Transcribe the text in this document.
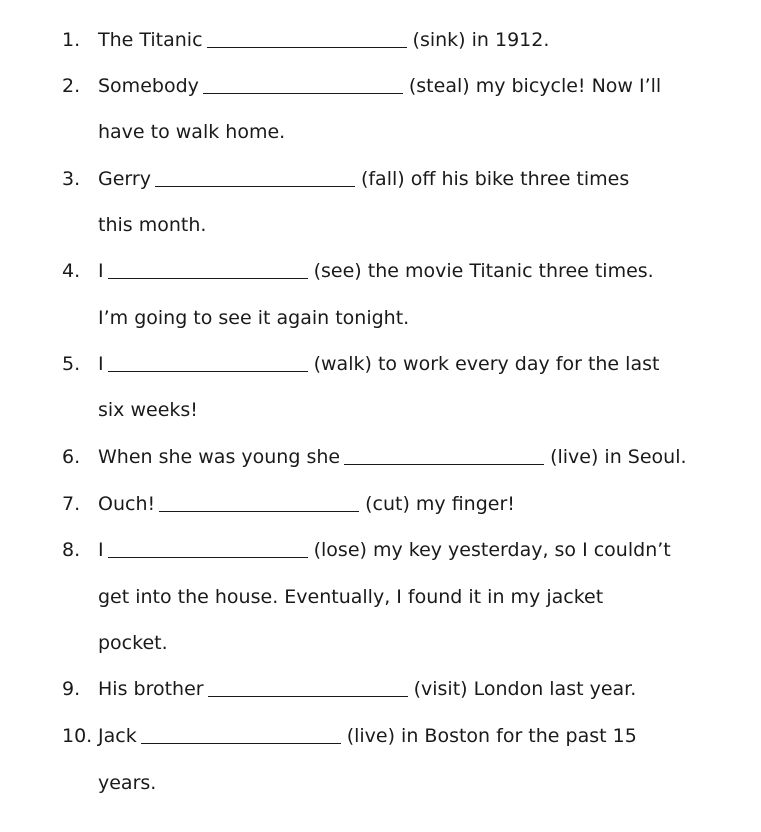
1. The Titanic	(sink) in 1912.
2. Somebody	(steal) my bicycle! Now I’ll
have to walk home.
3. Gerry	(fall) off his bike three times
this month.
4. I	(see) the movie Titanic three times.
I’m going to see it again tonight.
5. I	(walk) to work every day for the last
six weeks!
6. When she was young she	(live) in Seoul.
7. Ouch!	(cut) my finger!
8. I	(lose) my key yesterday, so I couldn’t
get into the house. Eventually, I found it in my jacket
pocket.
9. His brother	(visit) London last year.
10. Jack	(live) in Boston for the past 15
years.
